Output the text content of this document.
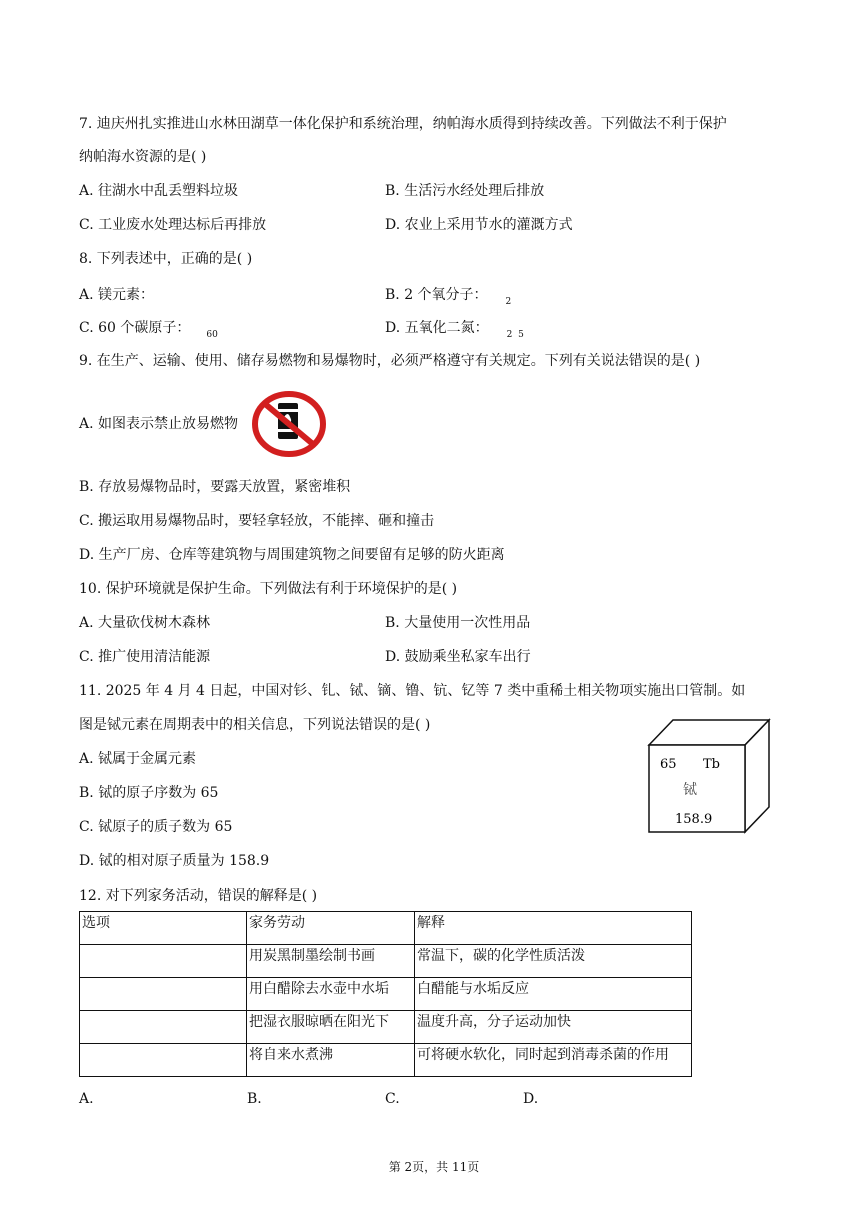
7. 迪庆州扎实推进山水林田湖草一体化保护和系统治理，纳帕海水质得到持续改善。下列做法不利于保护
纳帕海水资源的是( )
A. 往湖水中乱丢塑料垃圾	B. 生活污水经处理后排放
C. 工业废水处理达标后再排放	D. 农业上采用节水的灌溉方式
8. 下列表述中，正确的是( )
A. 镁元素：	B. 2 个氧分子： $_2$
C. 60 个碳原子： $_{60}$	D. 五氧化二氮： $_{2 5}$
9. 在生产、运输、使用、储存易燃物和易爆物时，必须严格遵守有关规定。下列有关说法错误的是( )
A. 如图表示禁止放易燃物
B. 存放易爆物品时，要露天放置，紧密堆积
C. 搬运取用易爆物品时，要轻拿轻放，不能摔、砸和撞击
D. 生产厂房、仓库等建筑物与周围建筑物之间要留有足够的防火距离
10. 保护环境就是保护生命。下列做法有利于环境保护的是( )
A. 大量砍伐树木森林	B. 大量使用一次性用品
C. 推广使用清洁能源	D. 鼓励乘坐私家车出行
11. 2025 年 4 月 4 日起，中国对钐、钆、铽、镝、镥、钪、钇等 7 类中重稀土相关物项实施出口管制。如
图是铽元素在周期表中的相关信息，下列说法错误的是( )
A. 铽属于金属元素
B. 铽的原子序数为 65
C. 铽原子的质子数为 65
D. 铽的相对原子质量为 158.9
65 Tb
铽
158.9
12. 对下列家务活动，错误的解释是( )
选项	家务劳动	解释
	用炭黑制墨绘制书画	常温下，碳的化学性质活泼
	用白醋除去水壶中水垢	白醋能与水垢反应
	把湿衣服晾晒在阳光下	温度升高，分子运动加快
	将自来水煮沸	可将硬水软化，同时起到消毒杀菌的作用
A.	B.	C.	D.
第 2页，共 11页
